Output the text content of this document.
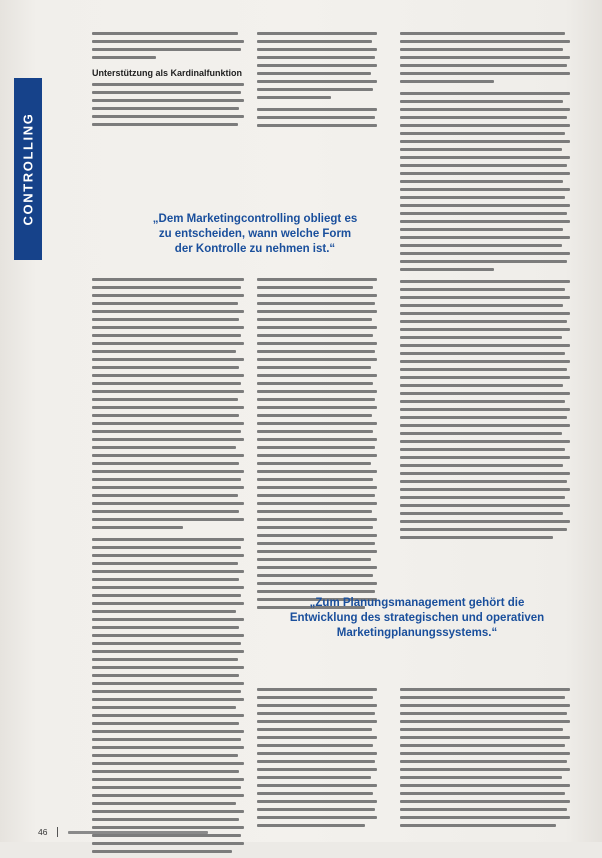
CONTROLLING
Unterstützung als Kardinalfunktion
„Dem Marketingcontrolling obliegt es zu entscheiden, wann welche Form der Kontrolle zu nehmen ist.“
„Zum Planungsmanagement gehört die Entwicklung des strategischen und operativen Marketingplanungssystems.“
46
